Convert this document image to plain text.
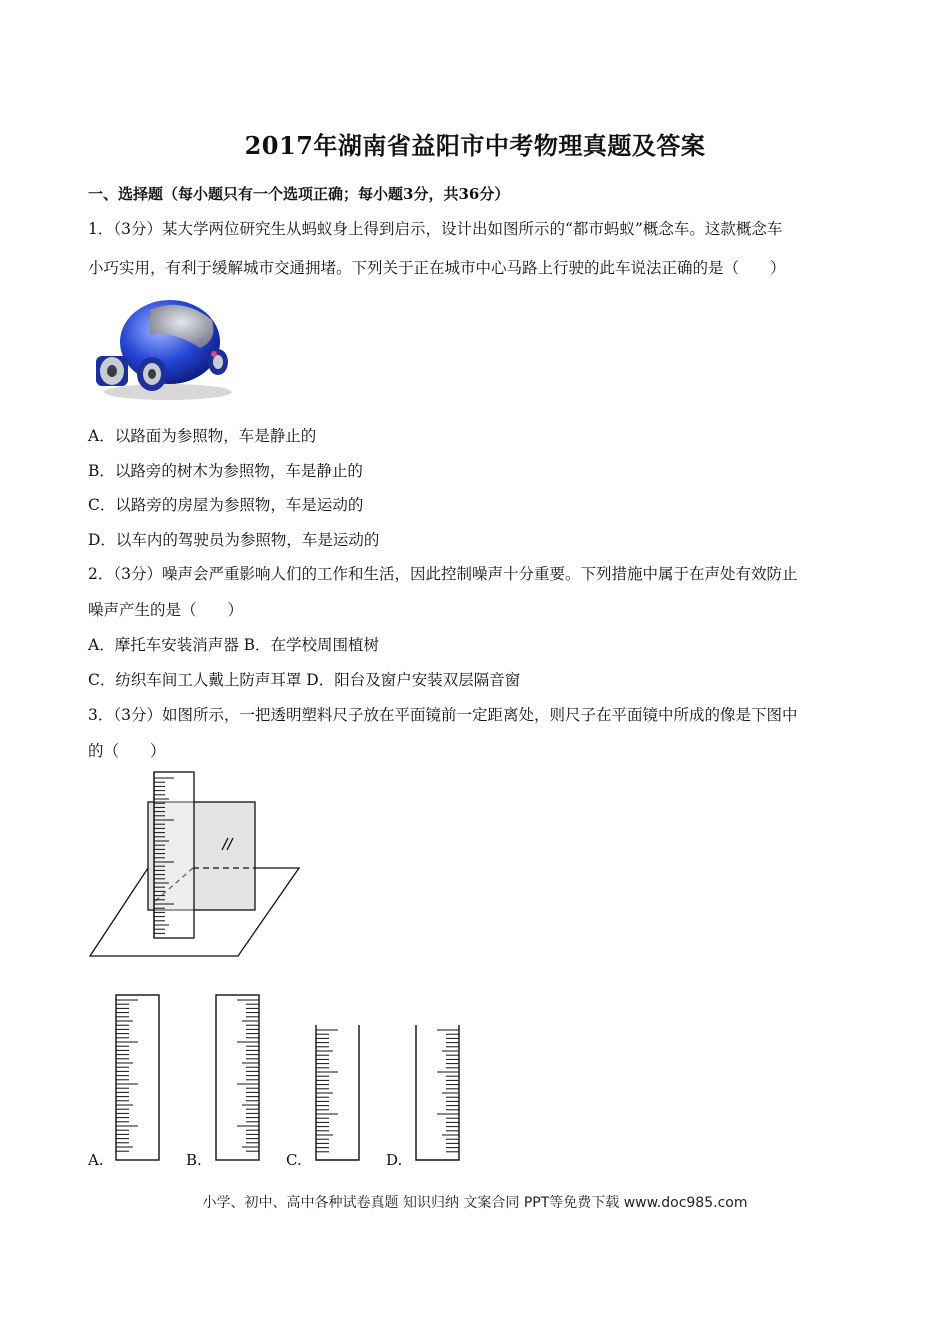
2017年湖南省益阳市中考物理真题及答案
一、选择题（每小题只有一个选项正确；每小题3分，共36分）
1．（3分）某大学两位研究生从蚂蚁身上得到启示，设计出如图所示的“都市蚂蚁”概念车。这款概念车
小巧实用，有利于缓解城市交通拥堵。下列关于正在城市中心马路上行驶的此车说法正确的是（　　）
A．以路面为参照物，车是静止的
B．以路旁的树木为参照物，车是静止的
C．以路旁的房屋为参照物，车是运动的
D．以车内的驾驶员为参照物，车是运动的
2．（3分）噪声会严重影响人们的工作和生活，因此控制噪声十分重要。下列措施中属于在声处有效防止
噪声产生的是（　　）
A．摩托车安装消声器 B．在学校周围植树
C．纺织车间工人戴上防声耳罩 D．阳台及窗户安装双层隔音窗
3．（3分）如图所示，一把透明塑料尺子放在平面镜前一定距离处，则尺子在平面镜中所成的像是下图中
的（　　）
A.	B.	C.	D.
小学、初中、高中各种试卷真题 知识归纳 文案合同 PPT等免费下载 www.doc985.com
